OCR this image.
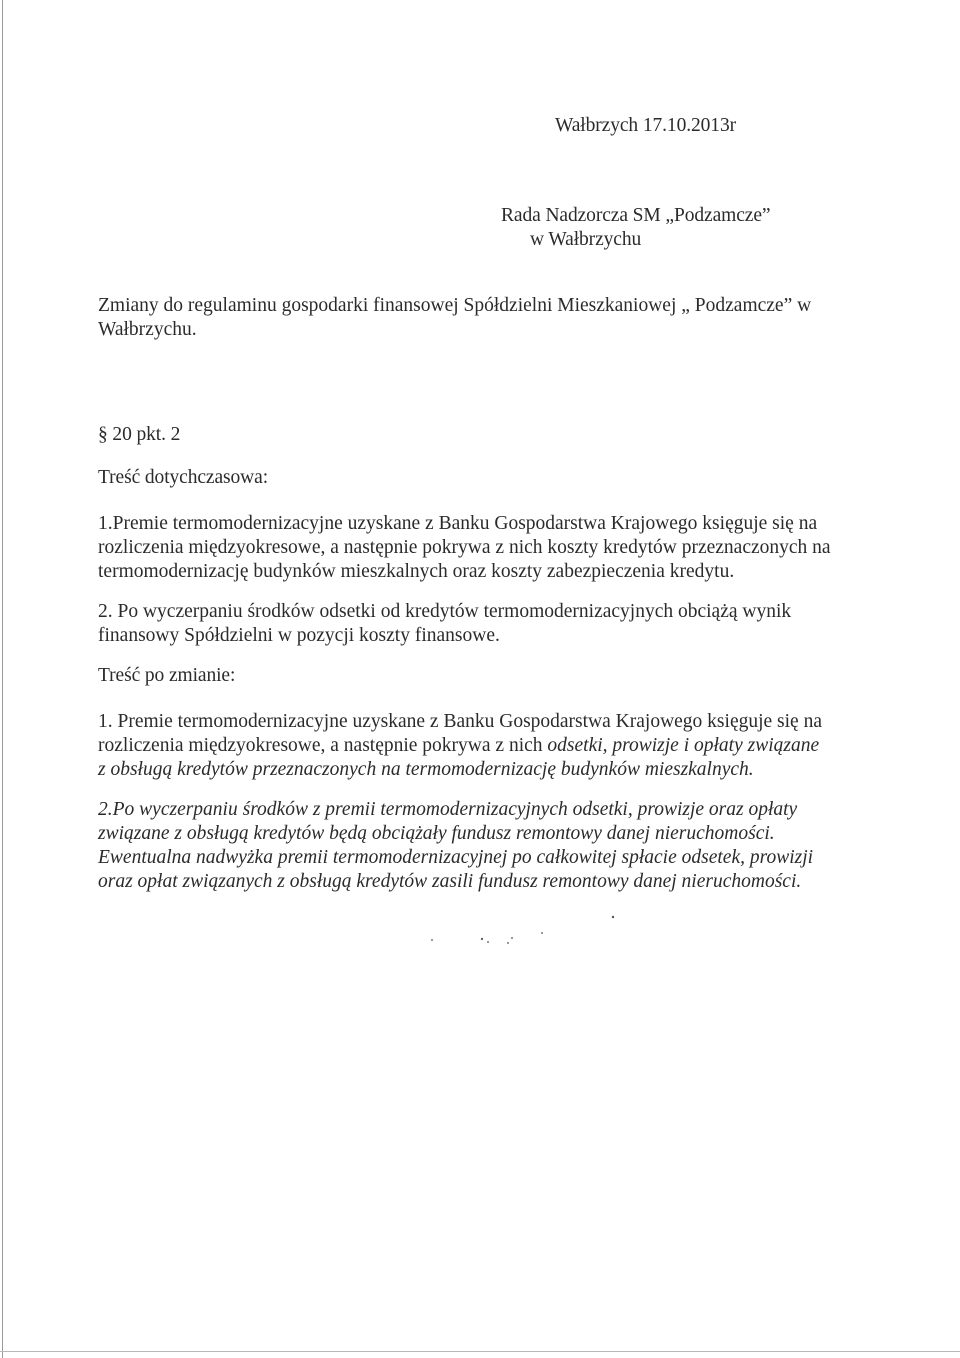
Wałbrzych 17.10.2013r
Rada Nadzorcza SM „Podzamcze”
w Wałbrzychu

Zmiany do regulaminu gospodarki finansowej Spółdzielni Mieszkaniowej „ Podzamcze” w

Wałbrzychu.

§ 20 pkt. 2
Treść dotychczasowa:

1.Premie termomodernizacyjne uzyskane z Banku Gospodarstwa Krajowego księguje się na

rozliczenia międzyokresowe, a następnie pokrywa z nich koszty kredytów przeznaczonych na

termomodernizację budynków mieszkalnych oraz koszty zabezpieczenia kredytu.

2. Po wyczerpaniu środków odsetki od kredytów termomodernizacyjnych obciążą wynik

finansowy Spółdzielni w pozycji koszty finansowe.

Treść po zmianie:

1. Premie termomodernizacyjne uzyskane z Banku Gospodarstwa Krajowego księguje się na

rozliczenia międzyokresowe, a następnie pokrywa z nich odsetki, prowizje i opłaty związane

z obsługą kredytów przeznaczonych na termomodernizację budynków mieszkalnych.

2.Po wyczerpaniu środków z premii termomodernizacyjnych odsetki, prowizje oraz opłaty

związane z obsługą kredytów będą obciążały fundusz remontowy danej nieruchomości.

Ewentualna nadwyżka premii termomodernizacyjnej po całkowitej spłacie odsetek, prowizji

oraz opłat związanych z obsługą kredytów zasili fundusz remontowy danej nieruchomości.
